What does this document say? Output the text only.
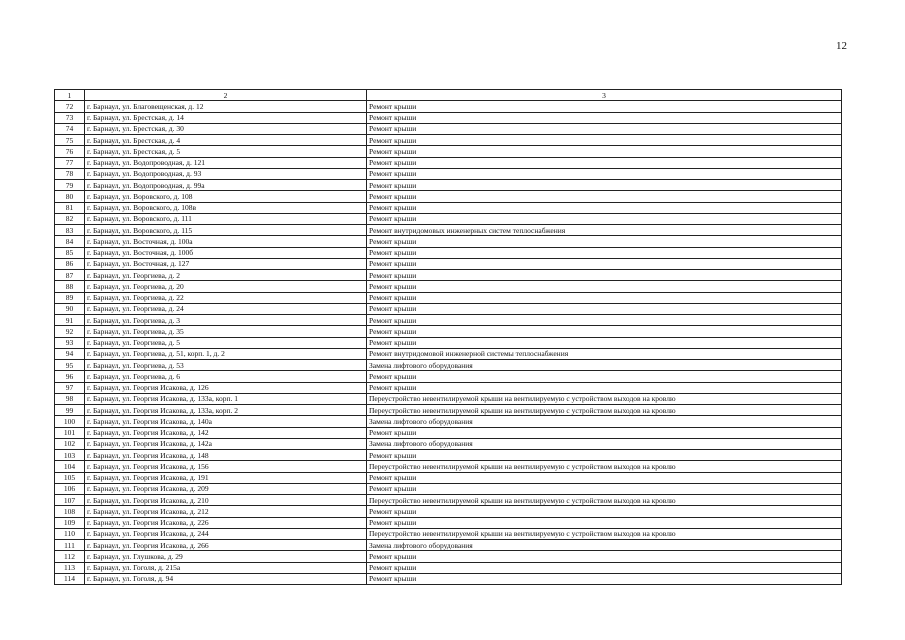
12
1	2	3
72	г. Барнаул, ул. Благовещенская, д. 12	Ремонт крыши
73	г. Барнаул, ул. Брестская, д. 14	Ремонт крыши
74	г. Барнаул, ул. Брестская, д. 30	Ремонт крыши
75	г. Барнаул, ул. Брестская, д. 4	Ремонт крыши
76	г. Барнаул, ул. Брестская, д. 5	Ремонт крыши
77	г. Барнаул, ул. Водопроводная, д. 121	Ремонт крыши
78	г. Барнаул, ул. Водопроводная, д. 93	Ремонт крыши
79	г. Барнаул, ул. Водопроводная, д. 99а	Ремонт крыши
80	г. Барнаул, ул. Воровского, д. 108	Ремонт крыши
81	г. Барнаул, ул. Воровского, д. 108в	Ремонт крыши
82	г. Барнаул, ул. Воровского, д. 111	Ремонт крыши
83	г. Барнаул, ул. Воровского, д. 115	Ремонт внутридомовых инженерных систем теплоснабжения
84	г. Барнаул, ул. Восточная, д. 100а	Ремонт крыши
85	г. Барнаул, ул. Восточная, д. 100б	Ремонт крыши
86	г. Барнаул, ул. Восточная, д. 127	Ремонт крыши
87	г. Барнаул, ул. Георгиева, д. 2	Ремонт крыши
88	г. Барнаул, ул. Георгиева, д. 20	Ремонт крыши
89	г. Барнаул, ул. Георгиева, д. 22	Ремонт крыши
90	г. Барнаул, ул. Георгиева, д. 24	Ремонт крыши
91	г. Барнаул, ул. Георгиева, д. 3	Ремонт крыши
92	г. Барнаул, ул. Георгиева, д. 35	Ремонт крыши
93	г. Барнаул, ул. Георгиева, д. 5	Ремонт крыши
94	г. Барнаул, ул. Георгиева, д. 51, корп. 1, д. 2	Ремонт внутридомовой инженерной системы теплоснабжения
95	г. Барнаул, ул. Георгиева, д. 53	Замена лифтового оборудования
96	г. Барнаул, ул. Георгиева, д. 6	Ремонт крыши
97	г. Барнаул, ул. Георгия Исакова, д. 126	Ремонт крыши
98	г. Барнаул, ул. Георгия Исакова, д. 133а, корп. 1	Переустройство невентилируемой крыши на вентилируемую с устройством выходов на кровлю
99	г. Барнаул, ул. Георгия Исакова, д. 133а, корп. 2	Переустройство невентилируемой крыши на вентилируемую с устройством выходов на кровлю
100	г. Барнаул, ул. Георгия Исакова, д. 140а	Замена лифтового оборудования
101	г. Барнаул, ул. Георгия Исакова, д. 142	Ремонт крыши
102	г. Барнаул, ул. Георгия Исакова, д. 142а	Замена лифтового оборудования
103	г. Барнаул, ул. Георгия Исакова, д. 148	Ремонт крыши
104	г. Барнаул, ул. Георгия Исакова, д. 156	Переустройство невентилируемой крыши на вентилируемую с устройством выходов на кровлю
105	г. Барнаул, ул. Георгия Исакова, д. 191	Ремонт крыши
106	г. Барнаул, ул. Георгия Исакова, д. 209	Ремонт крыши
107	г. Барнаул, ул. Георгия Исакова, д. 210	Переустройство невентилируемой крыши на вентилируемую с устройством выходов на кровлю
108	г. Барнаул, ул. Георгия Исакова, д. 212	Ремонт крыши
109	г. Барнаул, ул. Георгия Исакова, д. 226	Ремонт крыши
110	г. Барнаул, ул. Георгия Исакова, д. 244	Переустройство невентилируемой крыши на вентилируемую с устройством выходов на кровлю
111	г. Барнаул, ул. Георгия Исакова, д. 266	Замена лифтового оборудования
112	г. Барнаул, ул. Глушкова, д. 29	Ремонт крыши
113	г. Барнаул, ул. Гоголя, д. 215а	Ремонт крыши
114	г. Барнаул, ул. Гоголя, д. 94	Ремонт крыши
